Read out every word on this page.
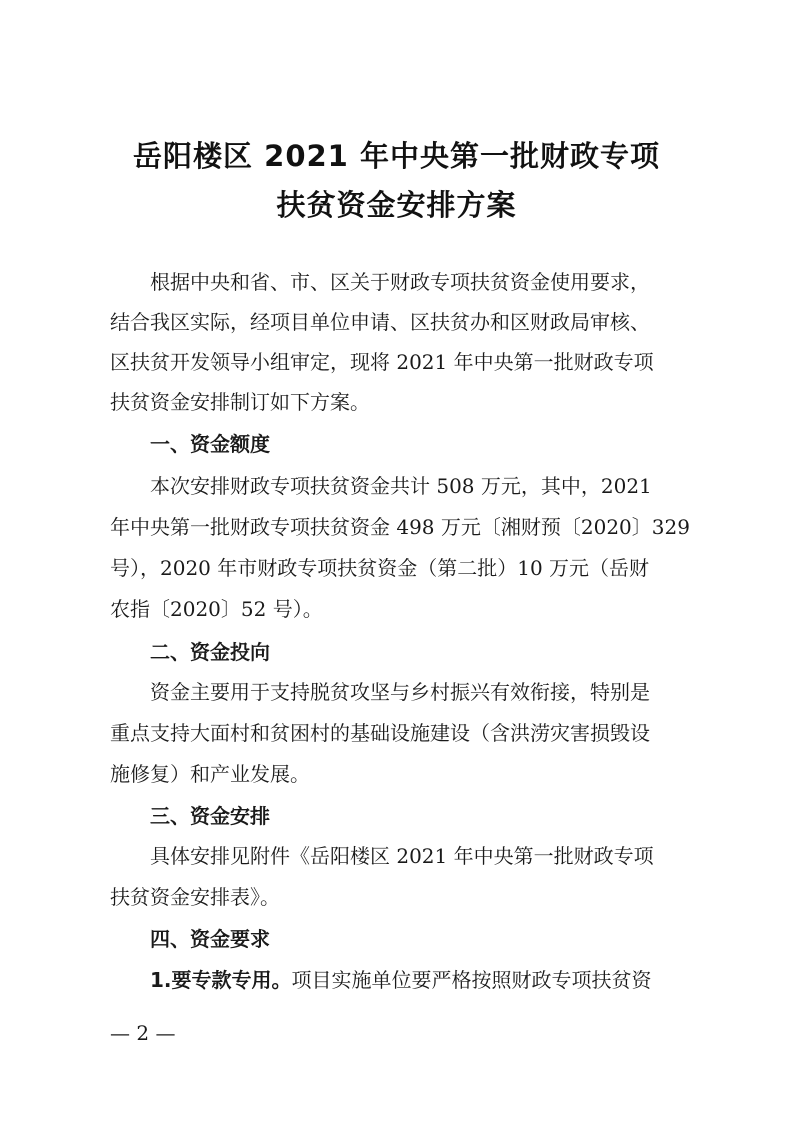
岳阳楼区 2021 年中央第一批财政专项
扶贫资金安排方案
根据中央和省、市、区关于财政专项扶贫资金使用要求，
结合我区实际，经项目单位申请、区扶贫办和区财政局审核、
区扶贫开发领导小组审定，现将 2021 年中央第一批财政专项
扶贫资金安排制订如下方案。
一、资金额度
本次安排财政专项扶贫资金共计 508 万元，其中，2021
年中央第一批财政专项扶贫资金 498 万元〔湘财预〔2020〕329
号），2020 年市财政专项扶贫资金（第二批）10 万元（岳财
农指〔2020〕52 号）。
二、资金投向
资金主要用于支持脱贫攻坚与乡村振兴有效衔接，特别是
重点支持大面村和贫困村的基础设施建设（含洪涝灾害损毁设
施修复）和产业发展。
三、资金安排
具体安排见附件《岳阳楼区 2021 年中央第一批财政专项
扶贫资金安排表》。
四、资金要求
1.要专款专用。项目实施单位要严格按照财政专项扶贫资
— 2 —
